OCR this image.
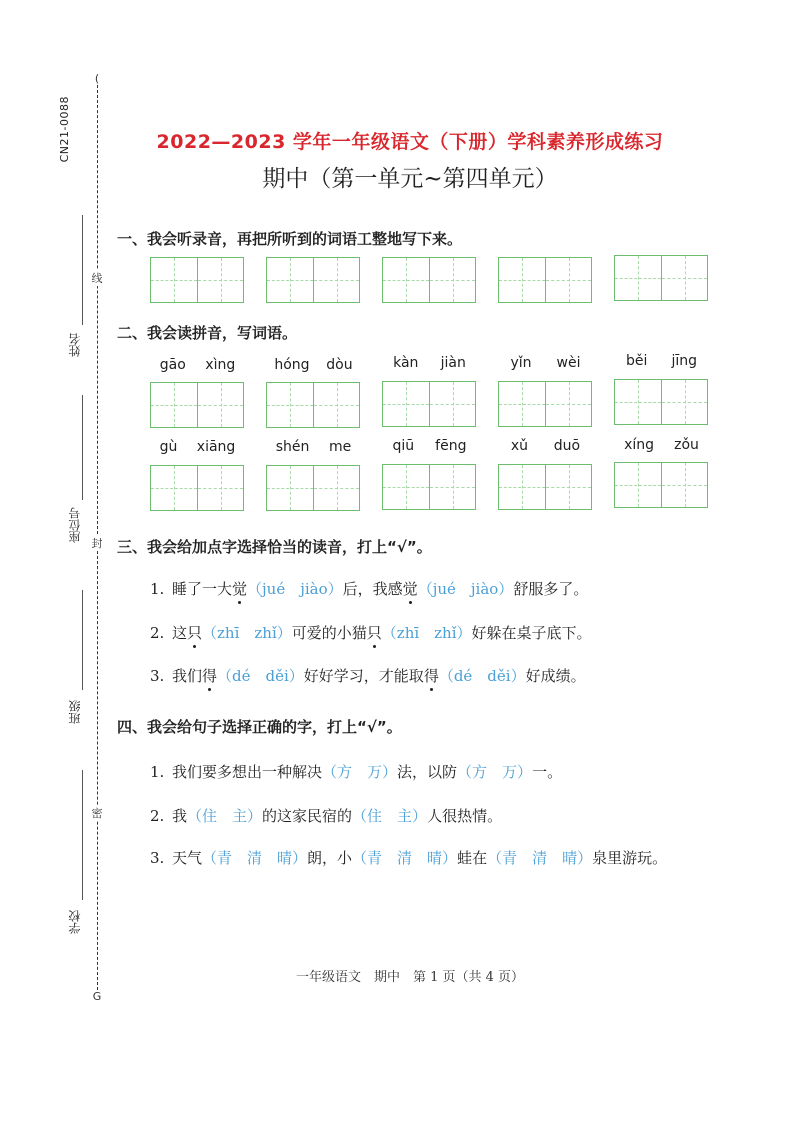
CN21-0088
(
线
封
密
G
姓名
座位号
班级
学校
2022—2023 学年一年级语文（下册）学科素养形成练习
期中（第一单元~第四单元）
一、我会听录音，再把所听到的词语工整地写下来。
二、我会读拼音，写词语。
gāo xìng	hóng dòu	kàn jiàn	yǐn wèi	běi jīng
gù xiāng	shén me	qiū fēng	xǔ duō	xíng zǒu
三、我会给加点字选择恰当的读音，打上“√”。
1. 睡了一大觉（jué　jiào）后，我感觉（jué　jiào）舒服多了。
2. 这只（zhī　zhǐ）可爱的小猫只（zhī　zhǐ）好躲在桌子底下。
3. 我们得（dé　děi）好好学习，才能取得（dé　děi）好成绩。
四、我会给句子选择正确的字，打上“√”。
1. 我们要多想出一种解决（方　万）法，以防（方　万）一。
2. 我（住　主）的这家民宿的（住　主）人很热情。
3. 天气（青　清　晴）朗，小（青　清　晴）蛙在（青　清　晴）泉里游玩。
一年级语文　期中　第 1 页（共 4 页）
